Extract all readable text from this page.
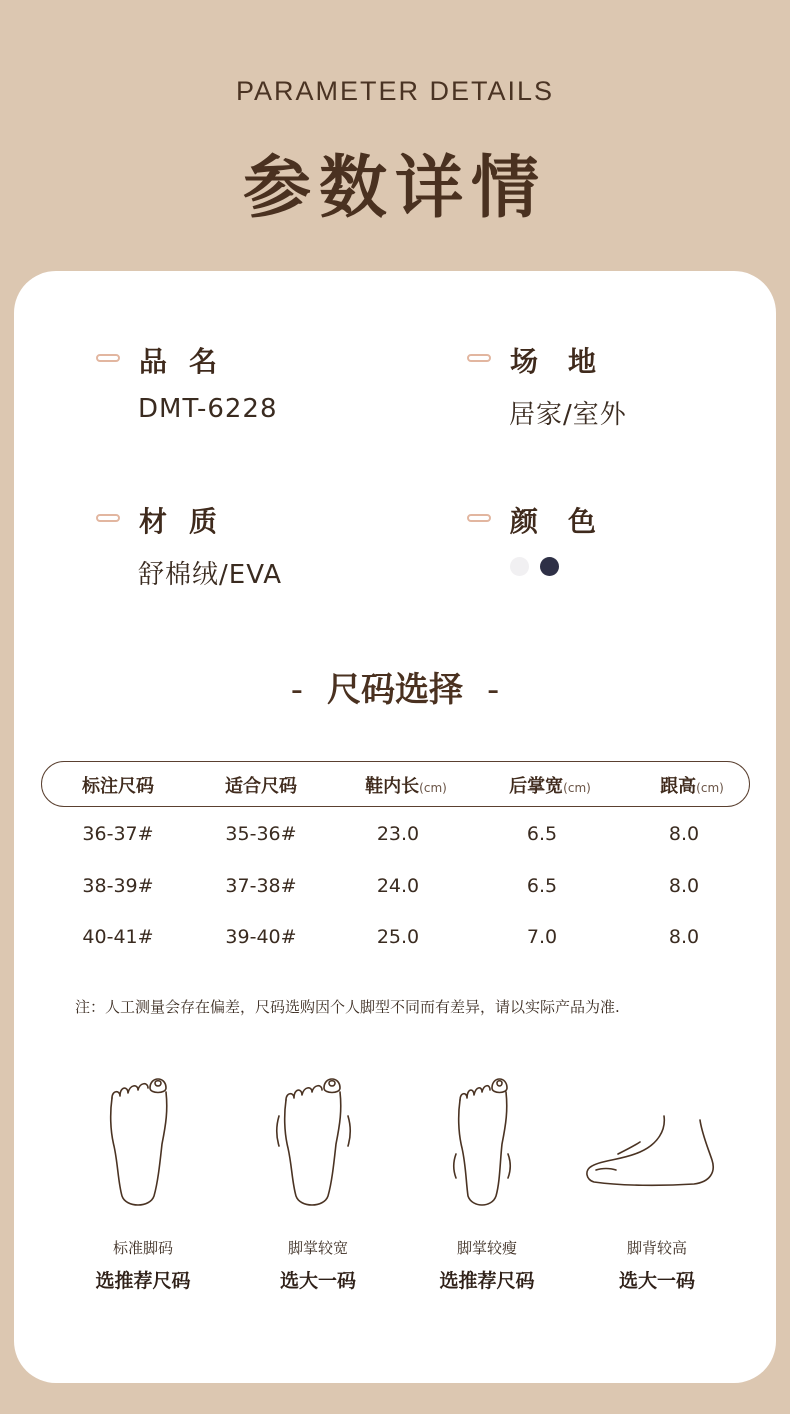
PARAMETER DETAILS
参数详情
品名
DMT-6228
场地
居家/室外
材质
舒棉绒/EVA
颜色
- 尺码选择 -
标注尺码	适合尺码	鞋内长(cm)	后掌宽(cm)	跟高(cm)
36-37#	35-36#	23.0	6.5	8.0
38-39#	37-38#	24.0	6.5	8.0
40-41#	39-40#	25.0	7.0	8.0
注：人工测量会存在偏差，尺码选购因个人脚型不同而有差异，请以实际产品为准.
标准脚码
选推荐尺码
脚掌较宽
选大一码
脚掌较瘦
选推荐尺码
脚背较高
选大一码
